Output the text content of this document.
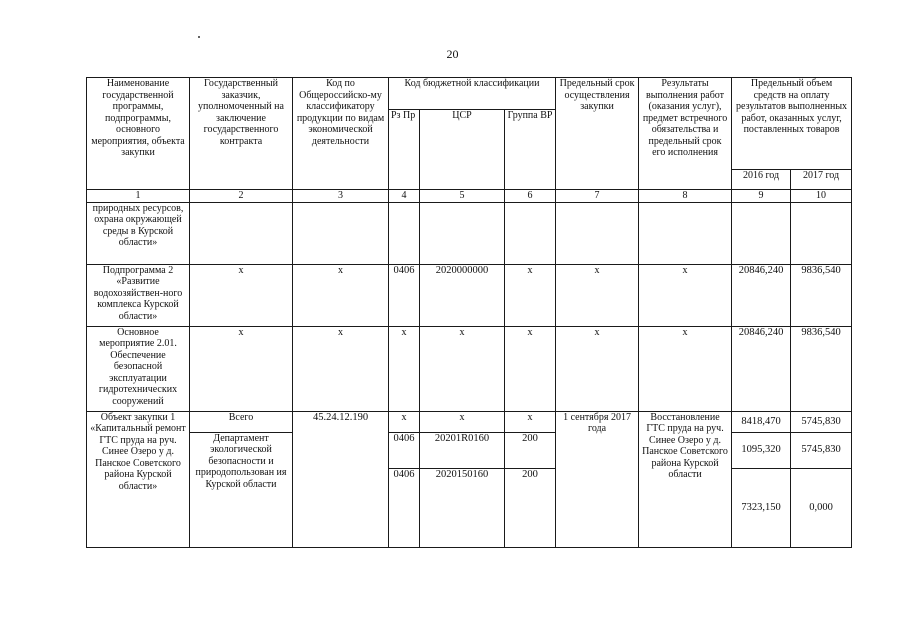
20
Наименование государственной программы, подпрограммы, основного мероприятия, объекта закупки	Государственный заказчик, уполномоченный на заключение государственного контракта	Код по Общероссийско-му классификатору продукции по видам экономической деятельности	Код бюджетной классификации			Предельный срок осуществления закупки	Результаты выполнения работ (оказания услуг), предмет встречного обязательства и предельный срок его исполнения	Предельный объем средств на оплату результатов выполненных работ, оказанных услуг, поставленных товаров	
			Рз Пр	ЦСР	Группа ВР				
								2016 год	2017 год
1	2	3	4	5	6	7	8	9	10
природных ресурсов, охрана окружающей среды в Курской области»									
Подпрограмма 2 «Развитие водохозяйствен-ного комплекса Курской области»	х	х	0406	2020000000	х	х	х	20846,240	9836,540
Основное мероприятие 2.01. Обеспечение безопасной эксплуатации гидротехнических сооружений	х	х	х	х	х	х	х	20846,240	9836,540
Объект закупки 1 «Капитальный ремонт ГТС пруда на руч. Синее Озеро у д. Панское Советского района Курской области»	Всего	45.24.12.190	х	х	х	1 сентября 2017 года	Восстановление ГТС пруда на руч. Синее Озеро у д. Панское Советского района Курской области	8418,470	5745,830
	Департамент экологической безопасности и природопользован ия Курской области		0406	20201R0160	200			1095,320	5745,830
			0406	2020150160	200			7323,150	0,000
